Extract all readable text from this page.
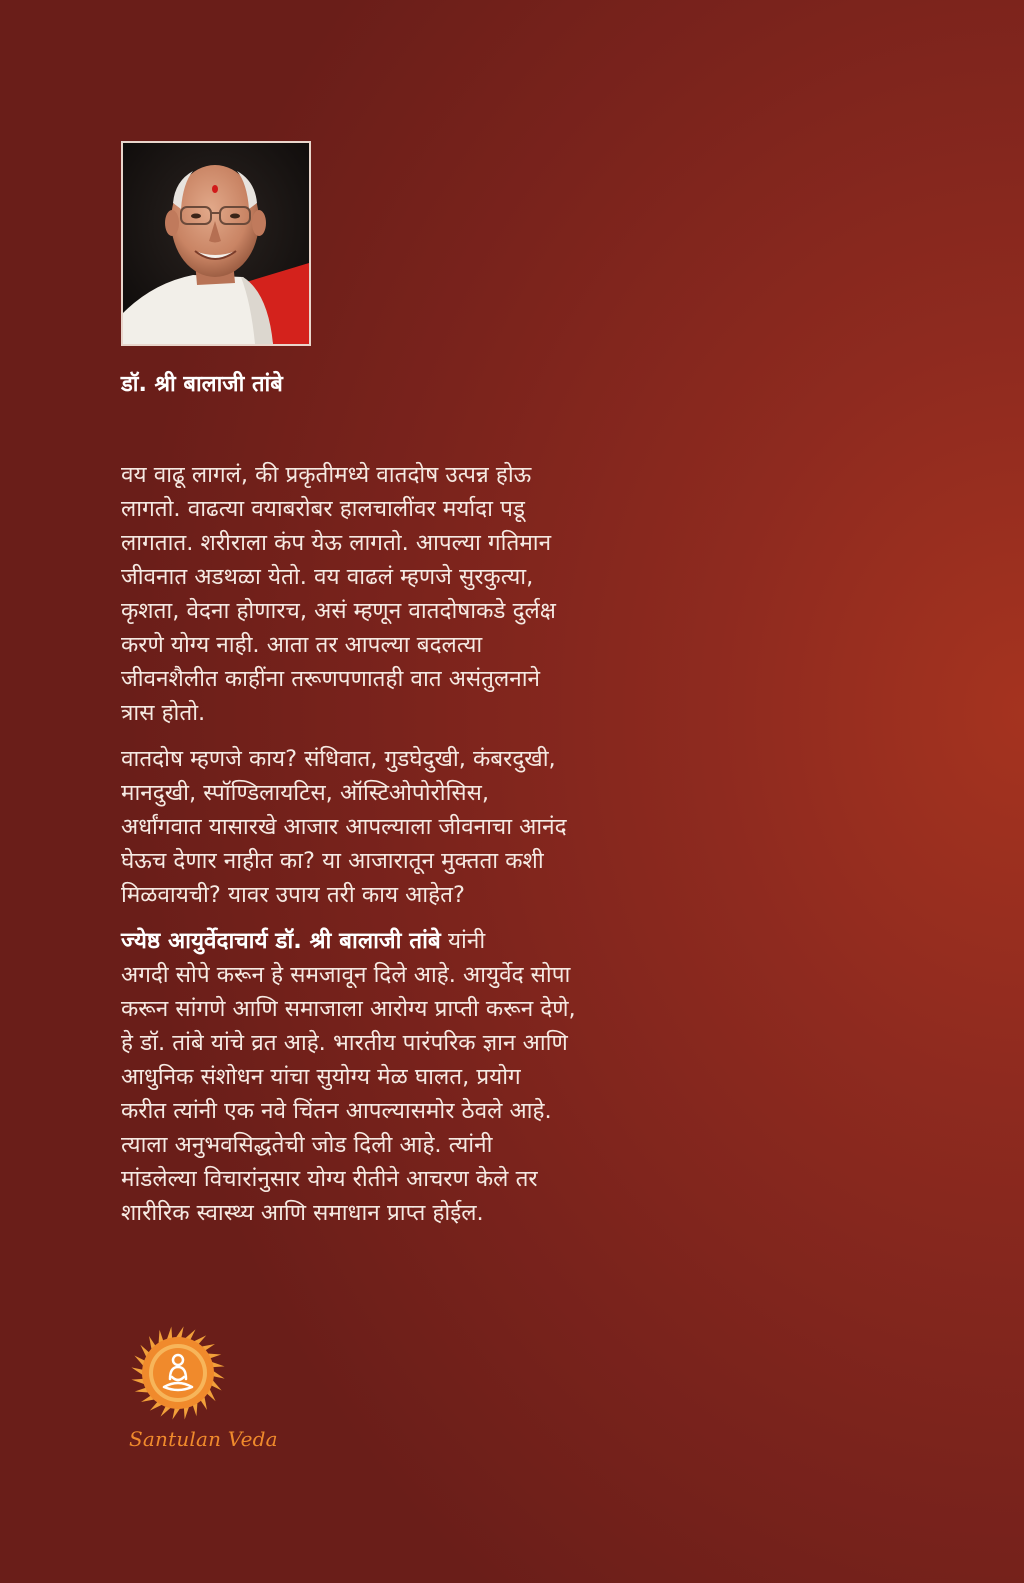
डॉ. श्री बालाजी तांबे

वय वाढू लागलं, की प्रकृतीमध्ये वातदोष उत्पन्न होऊ
लागतो. वाढत्या वयाबरोबर हालचालींवर मर्यादा पडू
लागतात. शरीराला कंप येऊ लागतो. आपल्या गतिमान
जीवनात अडथळा येतो. वय वाढलं म्हणजे सुरकुत्या,
कृशता, वेदना होणारच, असं म्हणून वातदोषाकडे दुर्लक्ष
करणे योग्य नाही. आता तर आपल्या बदलत्या
जीवनशैलीत काहींना तरूणपणातही वात असंतुलनाने
त्रास होतो.

वातदोष म्हणजे काय? संधिवात, गुडघेदुखी, कंबरदुखी,
मानदुखी, स्पॉण्डिलायटिस, ऑस्टिओपोरोसिस,
अर्धांगवात यासारखे आजार आपल्याला जीवनाचा आनंद
घेऊच देणार नाहीत का? या आजारातून मुक्तता कशी
मिळवायची? यावर उपाय तरी काय आहेत?

ज्येष्ठ आयुर्वेदाचार्य डॉ. श्री बालाजी तांबे यांनी
अगदी सोपे करून हे समजावून दिले आहे. आयुर्वेद सोपा
करून सांगणे आणि समाजाला आरोग्य प्राप्ती करून देणे,
हे डॉ. तांबे यांचे व्रत आहे. भारतीय पारंपरिक ज्ञान आणि
आधुनिक संशोधन यांचा सुयोग्य मेळ घालत, प्रयोग
करीत त्यांनी एक नवे चिंतन आपल्यासमोर ठेवले आहे.
त्याला अनुभवसिद्धतेची जोड दिली आहे. त्यांनी
मांडलेल्या विचारांनुसार योग्य रीतीने आचरण केले तर
शारीरिक स्वास्थ्य आणि समाधान प्राप्त होईल.

Santulan Veda
